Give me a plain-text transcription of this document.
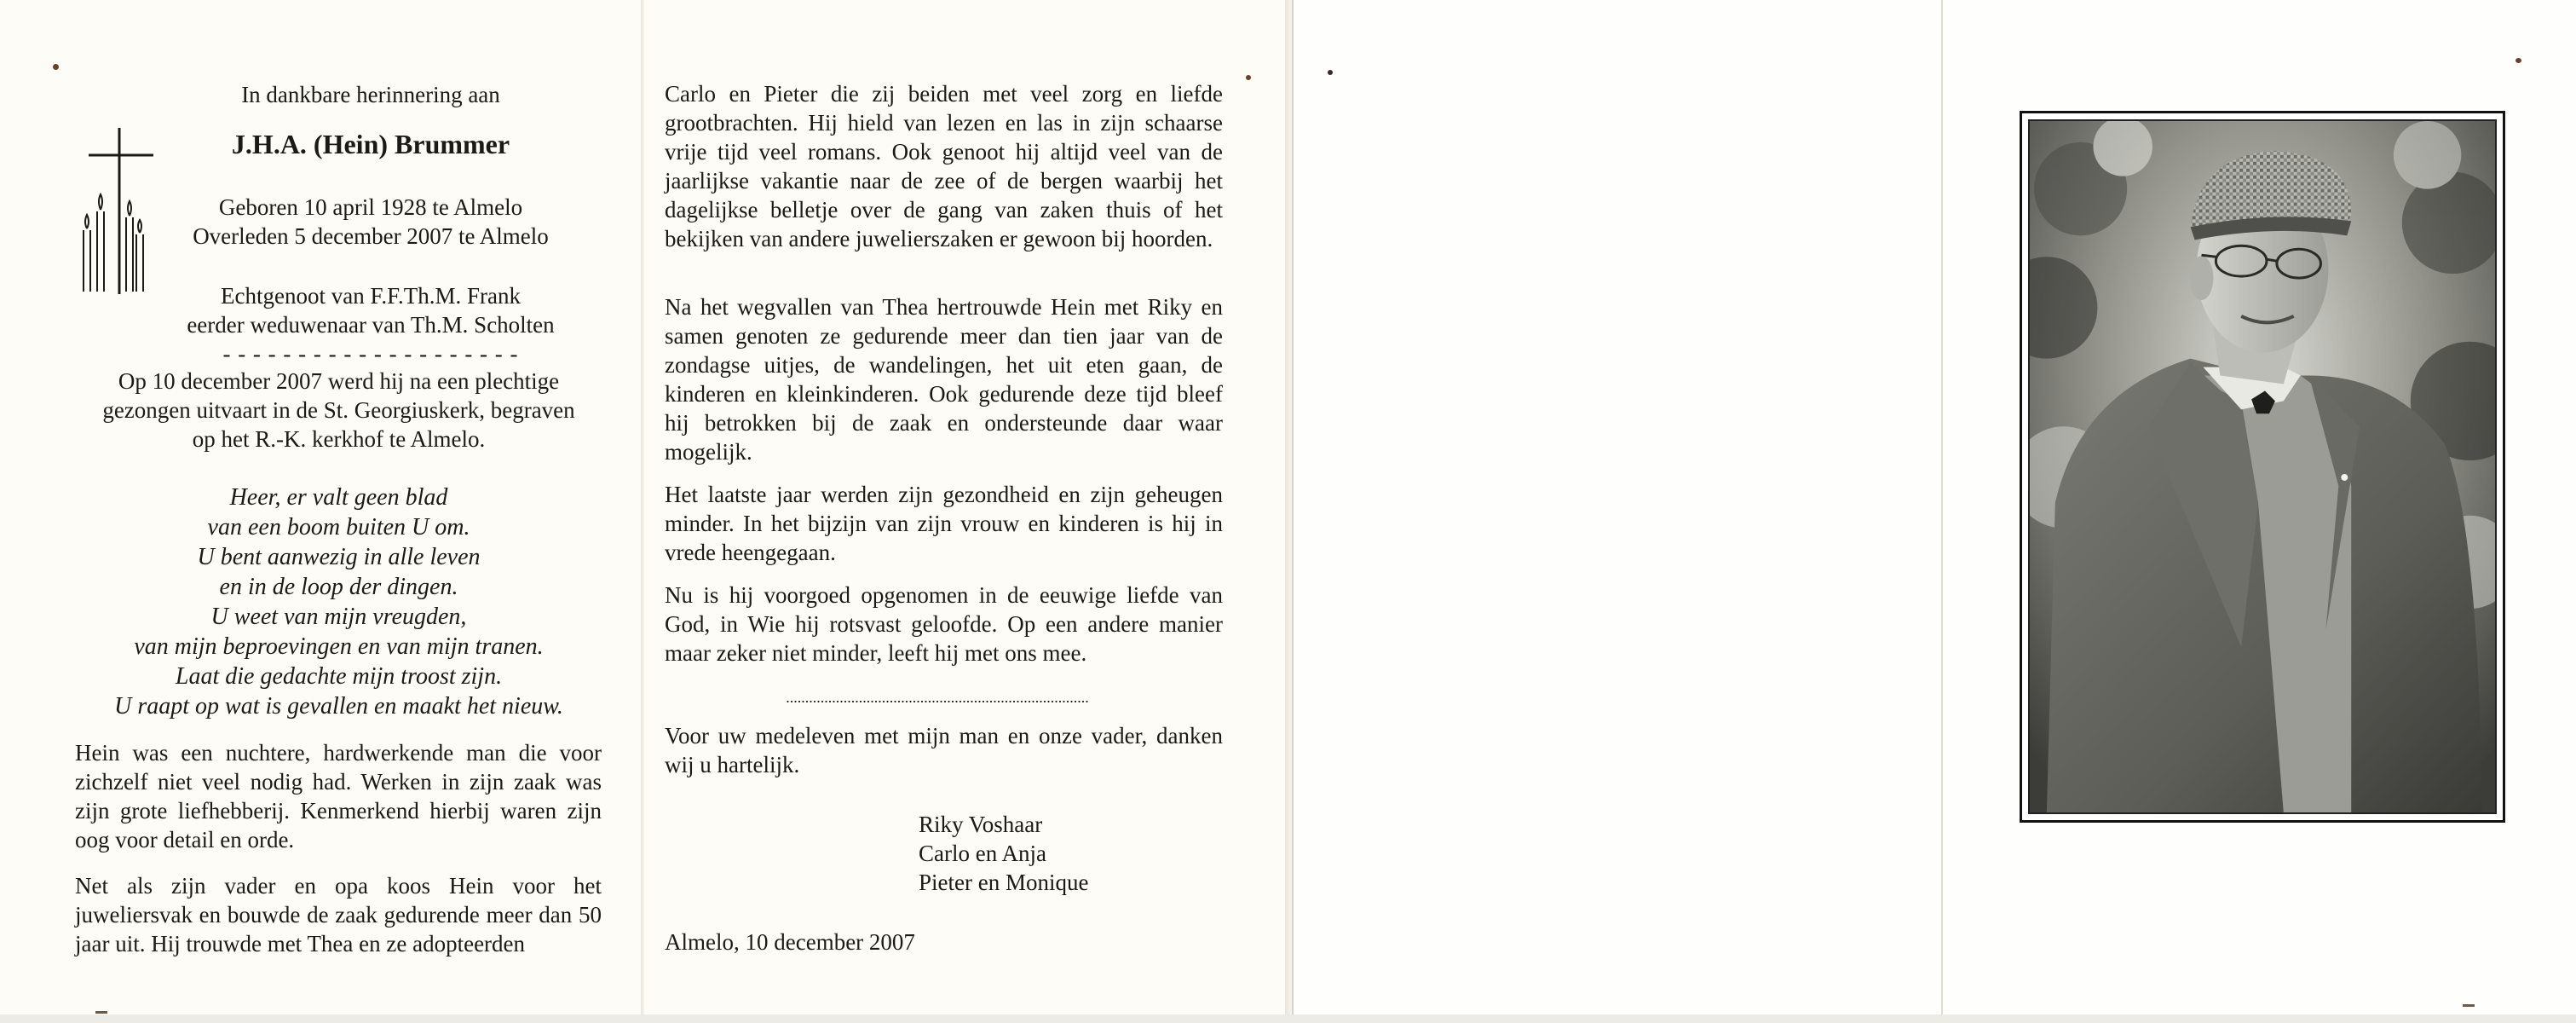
In dankbare herinnering aan

J.H.A. (Hein) Brummer

Geboren 10 april 1928 te Almelo

Overleden 5 december 2007 te Almelo

Echtgenoot van F.F.Th.M. Frank

eerder weduwenaar van Th.M. Scholten

- - - - - - - - - - - - - - - - - - - -

Op 10 december 2007 werd hij na een plechtige

gezongen uitvaart in de St. Georgiuskerk, begraven

op het R.-K. kerkhof te Almelo.

Heer, er valt geen blad

van een boom buiten U om.

U bent aanwezig in alle leven

en in de loop der dingen.

U weet van mijn vreugden,

van mijn beproevingen en van mijn tranen.

Laat die gedachte mijn troost zijn.

U raapt op wat is gevallen en maakt het nieuw.

Hein was een nuchtere, hardwerkende man die voor zichzelf niet veel nodig had. Werken in zijn zaak was zijn grote liefhebberij. Kenmerkend hierbij waren zijn oog voor detail en orde.

Net als zijn vader en opa koos Hein voor het juweliersvak en bouwde de zaak gedurende meer dan 50 jaar uit. Hij trouwde met Thea en ze adopteerden

Carlo en Pieter die zij beiden met veel zorg en liefde grootbrachten. Hij hield van lezen en las in zijn schaarse vrije tijd veel romans. Ook genoot hij altijd veel van de jaarlijkse vakantie naar de zee of de bergen waarbij het dagelijkse belletje over de gang van zaken thuis of het bekijken van andere juwelierszaken er gewoon bij hoorden.

Na het wegvallen van Thea hertrouwde Hein met Riky en samen genoten ze gedurende meer dan tien jaar van de zondagse uitjes, de wandelingen, het uit eten gaan, de kinderen en kleinkinderen. Ook gedurende deze tijd bleef hij betrokken bij de zaak en ondersteunde daar waar mogelijk.

Het laatste jaar werden zijn gezondheid en zijn geheugen minder. In het bijzijn van zijn vrouw en kinderen is hij in vrede heengegaan.

Nu is hij voorgoed opgenomen in de eeuwige liefde van God, in Wie hij rotsvast geloofde. Op een andere manier maar zeker niet minder, leeft hij met ons mee.

...............................................................................

Voor uw medeleven met mijn man en onze vader, danken wij u hartelijk.

Riky Voshaar

Carlo en Anja

Pieter en Monique

Almelo, 10 december 2007
